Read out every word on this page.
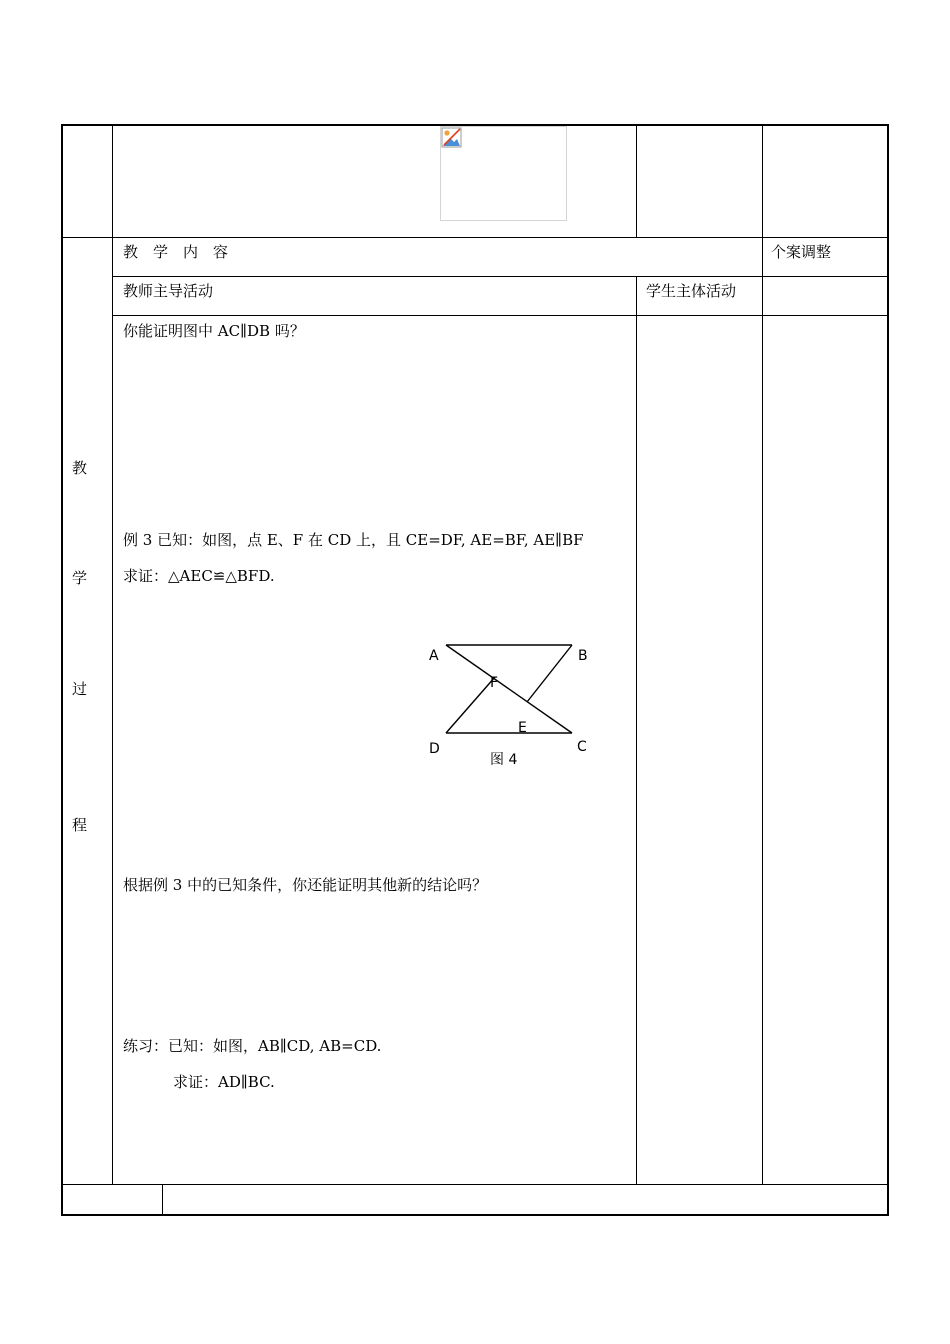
教　学　内　容	个案调整
教师主导活动	学生主体活动
教
学
过
程
你能证明图中 AC∥DB 吗？
例 3 已知：如图，点 E、F 在 CD 上，且 CE=DF, AE=BF, AE∥BF
求证：△AEC≌△BFD.
A	B
F
E
D	C
图 4
根据例 3 中的已知条件，你还能证明其他新的结论吗？
练习：已知：如图，AB∥CD, AB=CD.
求证：AD∥BC.
